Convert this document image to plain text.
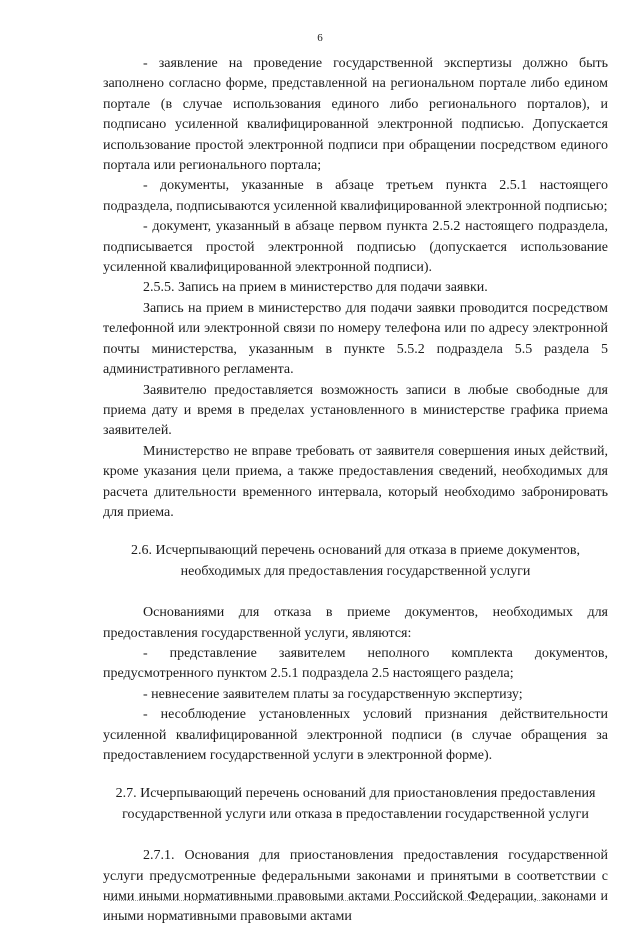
6

- заявление на проведение государственной экспертизы должно быть заполнено согласно форме, представленной на региональном портале либо едином портале (в случае использования единого либо регионального порталов), и подписано усиленной квалифицированной электронной подписью. Допускается использование простой электронной подписи при обращении посредством единого портала или регионального портала;

- документы, указанные в абзаце третьем пункта 2.5.1 настоящего подраздела, подписываются усиленной квалифицированной электронной подписью;

- документ, указанный в абзаце первом пункта 2.5.2 настоящего подраздела, подписывается простой электронной подписью (допускается использование усиленной квалифицированной электронной подписи).

2.5.5. Запись на прием в министерство для подачи заявки.

Запись на прием в министерство для подачи заявки проводится посредством телефонной или электронной связи по номеру телефона или по адресу электронной почты министерства, указанным в пункте 5.5.2 подраздела 5.5 раздела 5 административного регламента.

Заявителю предоставляется возможность записи в любые свободные для приема дату и время в пределах установленного в министерстве графика приема заявителей.

Министерство не вправе требовать от заявителя совершения иных действий, кроме указания цели приема, а также предоставления сведений, необходимых для расчета длительности временного интервала, который необходимо забронировать для приема.

2.6. Исчерпывающий перечень оснований для отказа в приеме документов, необходимых для предоставления государственной услуги

Основаниями для отказа в приеме документов, необходимых для предоставления государственной услуги, являются:

- представление заявителем неполного комплекта документов, предусмотренного пунктом 2.5.1 подраздела 2.5 настоящего раздела;

- невнесение заявителем платы за государственную экспертизу;

- несоблюдение установленных условий признания действительности усиленной квалифицированной электронной подписи (в случае обращения за предоставлением государственной услуги в электронной форме).

2.7. Исчерпывающий перечень оснований для приостановления предоставления государственной услуги или отказа в предоставлении государственной услуги

2.7.1. Основания для приостановления предоставления государственной услуги предусмотренные федеральными законами и принятыми в соответствии с ними иными нормативными правовыми актами Российской Федерации, законами и иными нормативными правовыми актами
